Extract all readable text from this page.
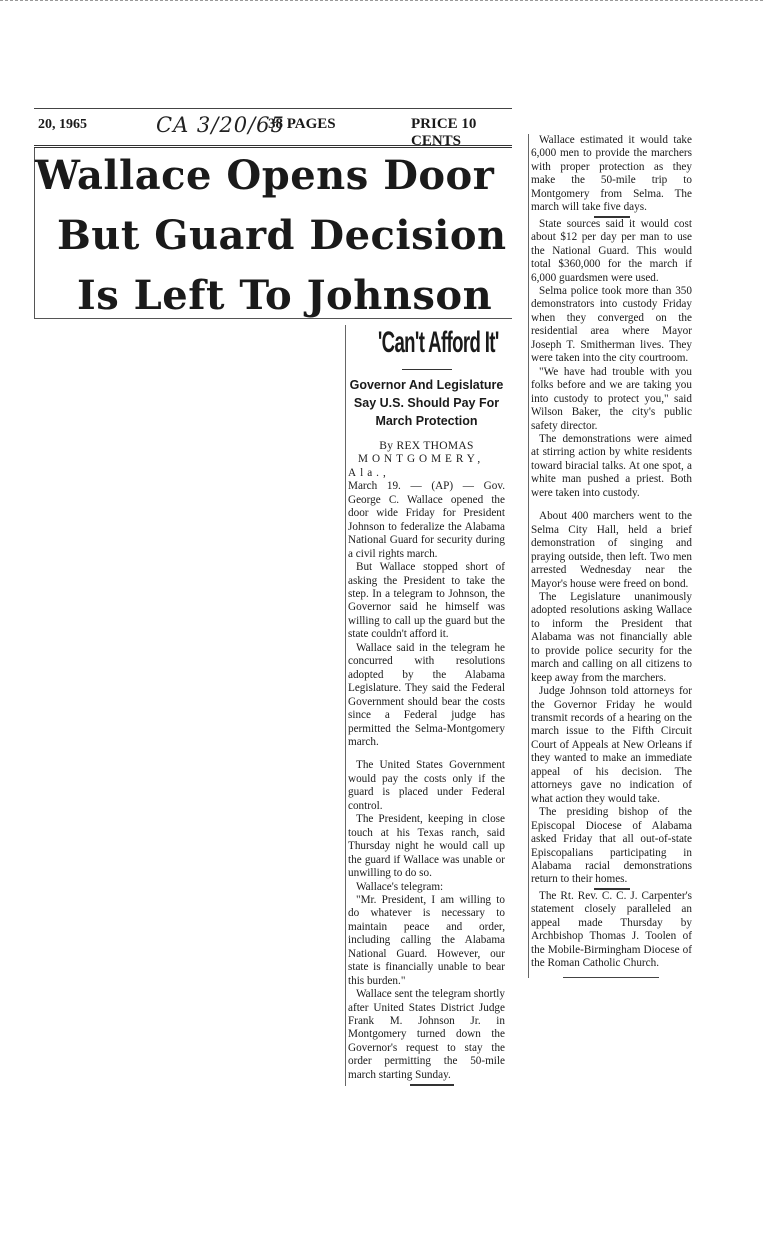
20, 1965	CA 3/20/65
38 PAGES	PRICE 10 CENTS
Wallace Opens Door
But Guard Decision
Is Left To Johnson
'Can't Afford It'
Governor And Legislature
Say U.S. Should Pay For
March Protection
By REX THOMAS

MONTGOMERY, Ala.,

March 19. — (AP) — Gov. George C. Wallace opened the door wide Friday for President Johnson to federalize the Alabama National Guard for security during a civil rights march.

But Wallace stopped short of asking the President to take the step. In a telegram to Johnson, the Governor said he himself was willing to call up the guard but the state couldn't afford it.

Wallace said in the telegram he concurred with resolutions adopted by the Alabama Legislature. They said the Federal Government should bear the costs since a Federal judge has permitted the Selma-Montgomery march.

The United States Government would pay the costs only if the guard is placed under Federal control.

The President, keeping in close touch at his Texas ranch, said Thursday night he would call up the guard if Wallace was unable or unwilling to do so.

Wallace's telegram:

"Mr. President, I am willing to do whatever is necessary to maintain peace and order, including calling the Alabama National Guard. However, our state is financially unable to bear this burden."

Wallace sent the telegram shortly after United States District Judge Frank M. Johnson Jr. in Montgomery turned down the Governor's request to stay the order permitting the 50-mile march starting Sunday.

Wallace estimated it would take 6,000 men to provide the marchers with proper protection as they make the 50-mile trip to Montgomery from Selma. The march will take five days.

State sources said it would cost about $12 per day per man to use the National Guard. This would total $360,000 for the march if 6,000 guardsmen were used.

Selma police took more than 350 demonstrators into custody Friday when they converged on the residential area where Mayor Joseph T. Smitherman lives. They were taken into the city courtroom.

"We have had trouble with you folks before and we are taking you into custody to protect you," said Wilson Baker, the city's public safety director.

The demonstrations were aimed at stirring action by white residents toward biracial talks. At one spot, a white man pushed a priest. Both were taken into custody.

About 400 marchers went to the Selma City Hall, held a brief demonstration of singing and praying outside, then left. Two men arrested Wednesday near the Mayor's house were freed on bond.

The Legislature unanimously adopted resolutions asking Wallace to inform the President that Alabama was not financially able to provide police security for the march and calling on all citizens to keep away from the marchers.

Judge Johnson told attorneys for the Governor Friday he would transmit records of a hearing on the march issue to the Fifth Circuit Court of Appeals at New Orleans if they wanted to make an immediate appeal of his decision. The attorneys gave no indication of what action they would take.

The presiding bishop of the Episcopal Diocese of Alabama asked Friday that all out-of-state Episcopalians participating in Alabama racial demonstrations return to their homes.

The Rt. Rev. C. C. J. Carpenter's statement closely paralleled an appeal made Thursday by Archbishop Thomas J. Toolen of the Mobile-Birmingham Diocese of the Roman Catholic Church.
